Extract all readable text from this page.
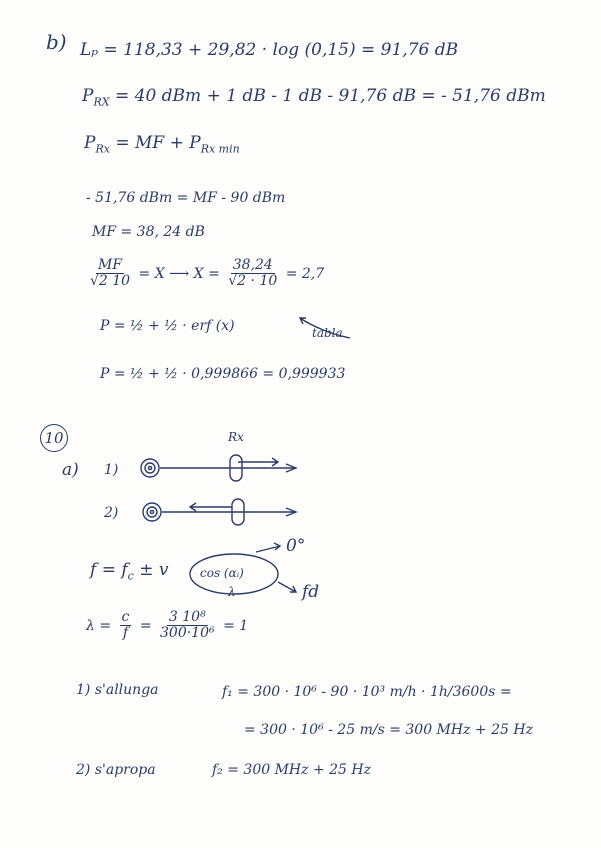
b) Lₚ = 118,33 + 29,82 · log (0,15) = 91,76 dB
$P_{RX} = 40$ dBm + 1 dB - 1 dB - 91,76 dB = - 51,76 dBm
$P_{Rx}$ = MF + $P_{Rx min}$
- 51,76 dBm = MF - 90 dBm
MF = 38, 24 dB
$\frac{MF}{√2 10} = X$ ⟶ $X = \frac{38,24}{√2 \cdot 10} = 2,7$
P = ½ + ½ · erf (x)	tabla
P = ½ + ½ · 0,999866 = 0,999933
10
a) 1)
2)
Rx
0°
fd
$f = f_c \pm v$	cos (αᵢ)
λ
$\lambda = \frac{c}{f} = \frac{\text{3 10⁸}}{\text{300·10⁶}} = 1$
1) s'allunga	f₁ = 300 · 10⁶ - 90 · 10³ m/h · 1h/3600s =
= 300 · 10⁶ - 25 m/s = 300 MHz + 25 Hz
2) s'apropa	f₂ = 300 MHz + 25 Hz
